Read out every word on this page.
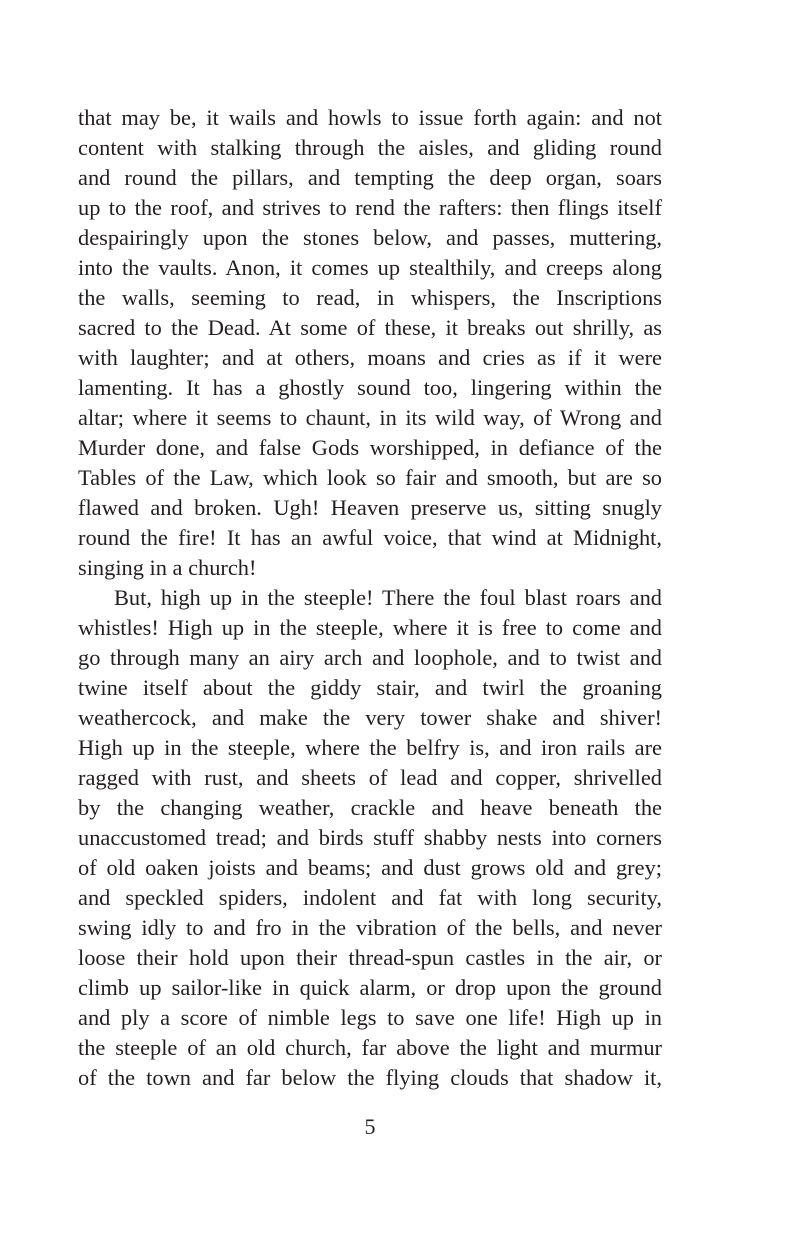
that may be, it wails and howls to issue forth again: and not
content with stalking through the aisles, and gliding round
and round the pillars, and tempting the deep organ, soars
up to the roof, and strives to rend the rafters: then flings itself
despairingly upon the stones below, and passes, muttering,
into the vaults. Anon, it comes up stealthily, and creeps along
the walls, seeming to read, in whispers, the Inscriptions
sacred to the Dead. At some of these, it breaks out shrilly, as
with laughter; and at others, moans and cries as if it were
lamenting. It has a ghostly sound too, lingering within the
altar; where it seems to chaunt, in its wild way, of Wrong and
Murder done, and false Gods worshipped, in defiance of the
Tables of the Law, which look so fair and smooth, but are so
flawed and broken. Ugh! Heaven preserve us, sitting snugly
round the fire! It has an awful voice, that wind at Midnight,
singing in a church!
But, high up in the steeple! There the foul blast roars and
whistles! High up in the steeple, where it is free to come and
go through many an airy arch and loophole, and to twist and
twine itself about the giddy stair, and twirl the groaning
weathercock, and make the very tower shake and shiver!
High up in the steeple, where the belfry is, and iron rails are
ragged with rust, and sheets of lead and copper, shrivelled
by the changing weather, crackle and heave beneath the
unaccustomed tread; and birds stuff shabby nests into corners
of old oaken joists and beams; and dust grows old and grey;
and speckled spiders, indolent and fat with long security,
swing idly to and fro in the vibration of the bells, and never
loose their hold upon their thread-spun castles in the air, or
climb up sailor-like in quick alarm, or drop upon the ground
and ply a score of nimble legs to save one life! High up in
the steeple of an old church, far above the light and murmur
of the town and far below the flying clouds that shadow it,
5
